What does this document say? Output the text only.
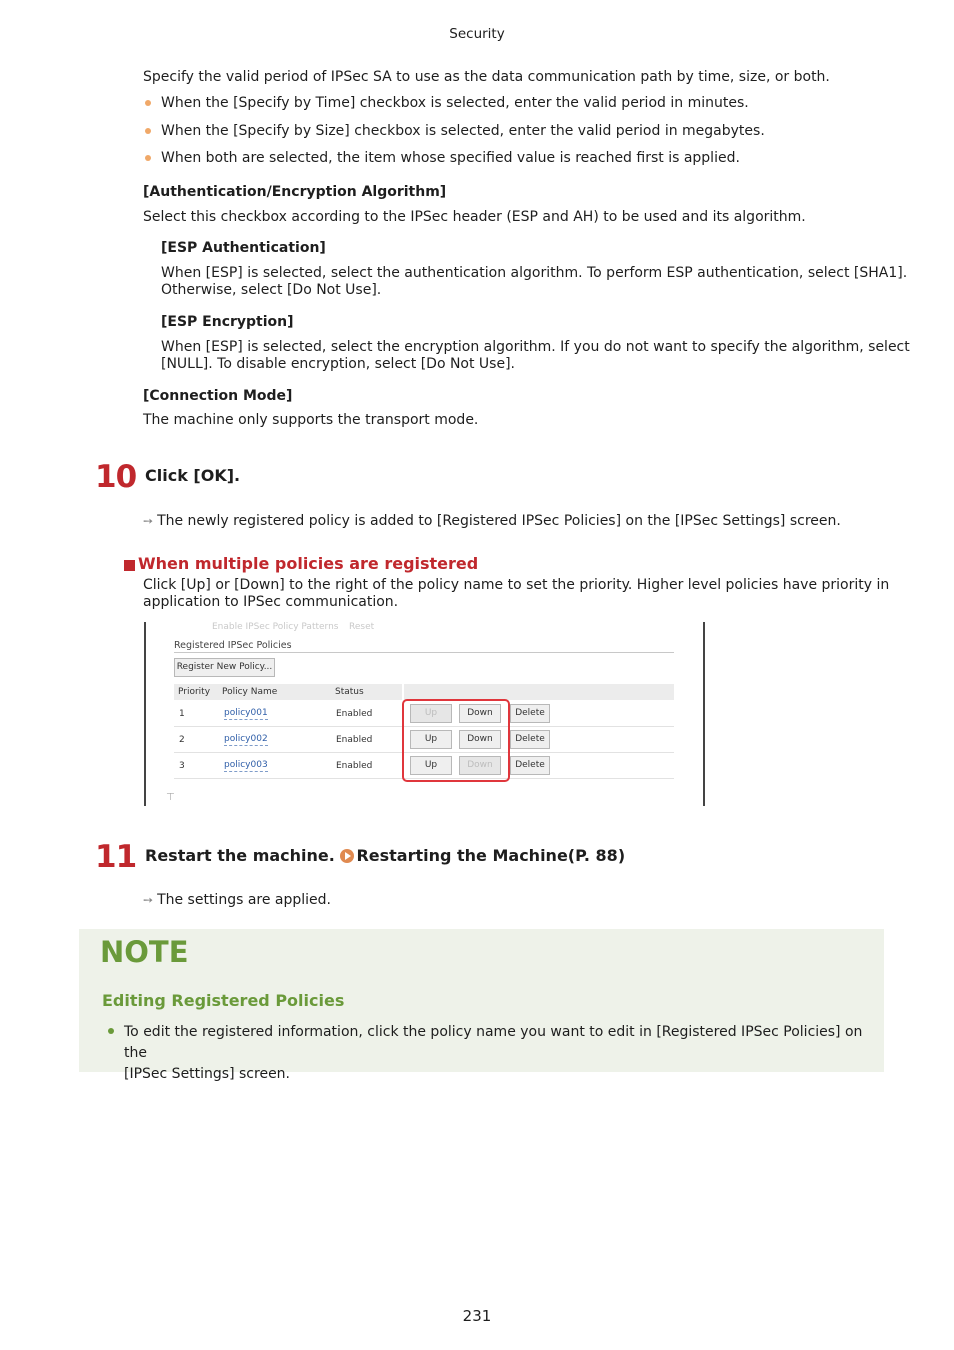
Security
Specify the valid period of IPSec SA to use as the data communication path by time, size, or both.
When the [Specify by Time] checkbox is selected, enter the valid period in minutes.
When the [Specify by Size] checkbox is selected, enter the valid period in megabytes.
When both are selected, the item whose specified value is reached first is applied.
[Authentication/Encryption Algorithm]
Select this checkbox according to the IPSec header (ESP and AH) to be used and its algorithm.
[ESP Authentication]
When [ESP] is selected, select the authentication algorithm. To perform ESP authentication, select [SHA1].
Otherwise, select [Do Not Use].
[ESP Encryption]
When [ESP] is selected, select the encryption algorithm. If you do not want to specify the algorithm, select
[NULL]. To disable encryption, select [Do Not Use].
[Connection Mode]
The machine only supports the transport mode.
10 Click [OK].
➙ The newly registered policy is added to [Registered IPSec Policies] on the [IPSec Settings] screen.
When multiple policies are registered
Click [Up] or [Down] to the right of the policy name to set the priority. Higher level policies have priority in
application to IPSec communication.
Enable IPSec Policy Patterns Reset
Registered IPSec Policies
Register New Policy...
Priority Policy Name	Status
1	policy001	Enabled	Up	Down	Delete
2	policy002	Enabled	Up	Down	Delete
3	policy003	Enabled	Up	Down	Delete
⊤
11 Restart the machine. Restarting the Machine(P. 88)
➙ The settings are applied.
NOTE
Editing Registered Policies
To edit the registered information, click the policy name you want to edit in [Registered IPSec Policies] on the
[IPSec Settings] screen.
231
